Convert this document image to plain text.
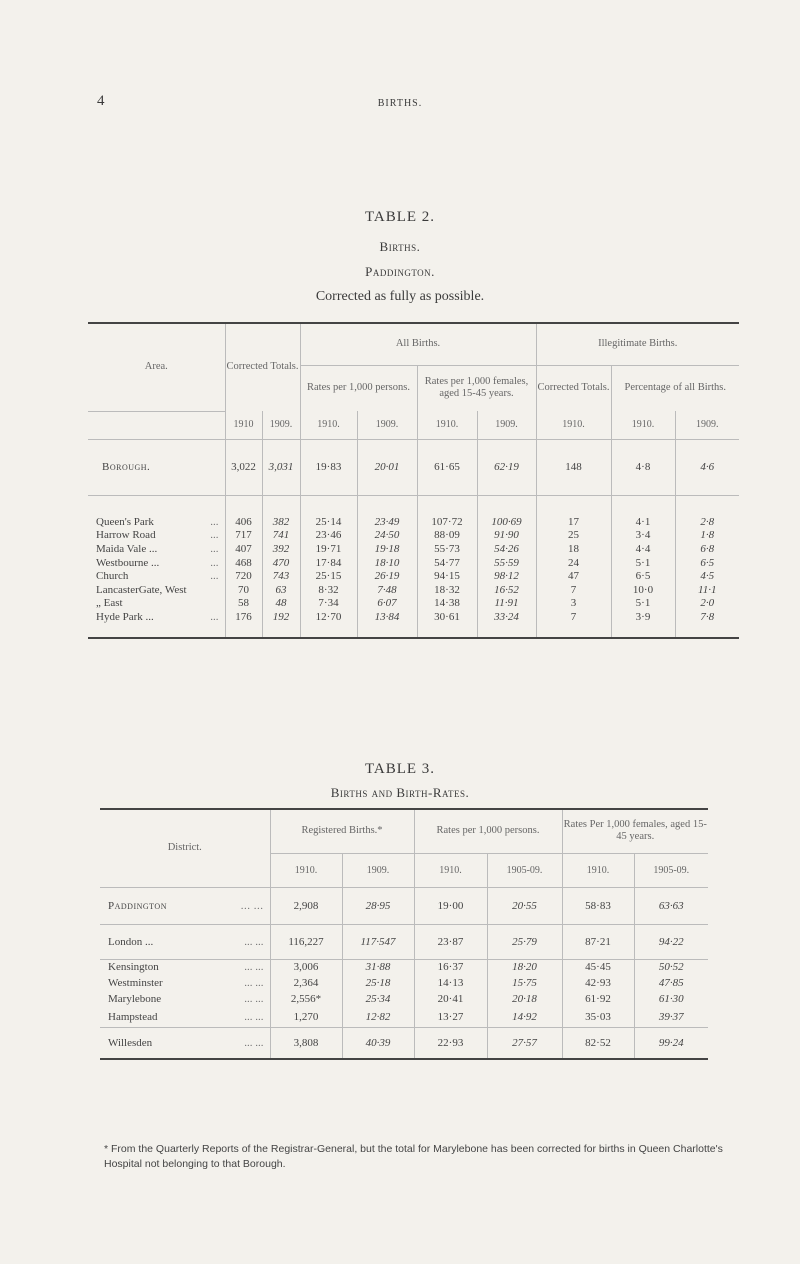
4	BIRTHS.
TABLE 2.
Births.
Paddington.
Corrected as fully as possible.
Area.	Corrected Totals.		All Births.				Illegitimate Births.		
			Rates per 1,000 persons.		Rates per 1,000 females, aged 15-45 years.		Corrected Totals.	Percentage of all Births.	

	1910	1909.	1910.	1909.	1910.	1909.	1910.	1910.	1909.
Borough.	3,022	3,031	19·83	20·01	61·65	62·19	148	4·8	4·6

Queen's Park ...	406	382	25·14	23·49	107·72	100·69	17	4·1	2·8
Harrow Road ...	717	741	23·46	24·50	88·09	91·90	25	3·4	1·8
Maida Vale ... ...	407	392	19·71	19·18	55·73	54·26	18	4·4	6·8
Westbourne ... ...	468	470	17·84	18·10	54·77	55·59	24	5·1	6·5
Church ...	720	743	25·15	26·19	94·15	98·12	47	6·5	4·5
LancasterGate, West	70	63	8·32	7·48	18·32	16·52	7	10·0	11·1
„ East	58	48	7·34	6·07	14·38	11·91	3	5·1	2·0
Hyde Park ... ...	176	192	12·70	13·84	30·61	33·24	7	3·9	7·8

TABLE 3.
Births and Birth-Rates.
District.	Registered Births.*		Rates per 1,000 persons.		Rates Per 1,000 females, aged 15-45 years.	
	1910.	1909.	1910.	1905-09.	1910.	1905-09.
Paddington ... ...	2,908	28·95	19·00	20·55	58·83	63·63
London ... ... ...	116,227	117·547	23·87	25·79	87·21	94·22
Kensington ... ...	3,006	31·88	16·37	18·20	45·45	50·52
Westminster ... ...	2,364	25·18	14·13	15·75	42·93	47·85
Marylebone ... ...	2,556*	25·34	20·41	20·18	61·92	61·30
Hampstead ... ...	1,270	12·82	13·27	14·92	35·03	39·37
Willesden ... ...	3,808	40·39	22·93	27·57	82·52	99·24
* From the Quarterly Reports of the Registrar-General, but the total for Marylebone has been corrected for births in Queen Charlotte's Hospital not belonging to that Borough.
